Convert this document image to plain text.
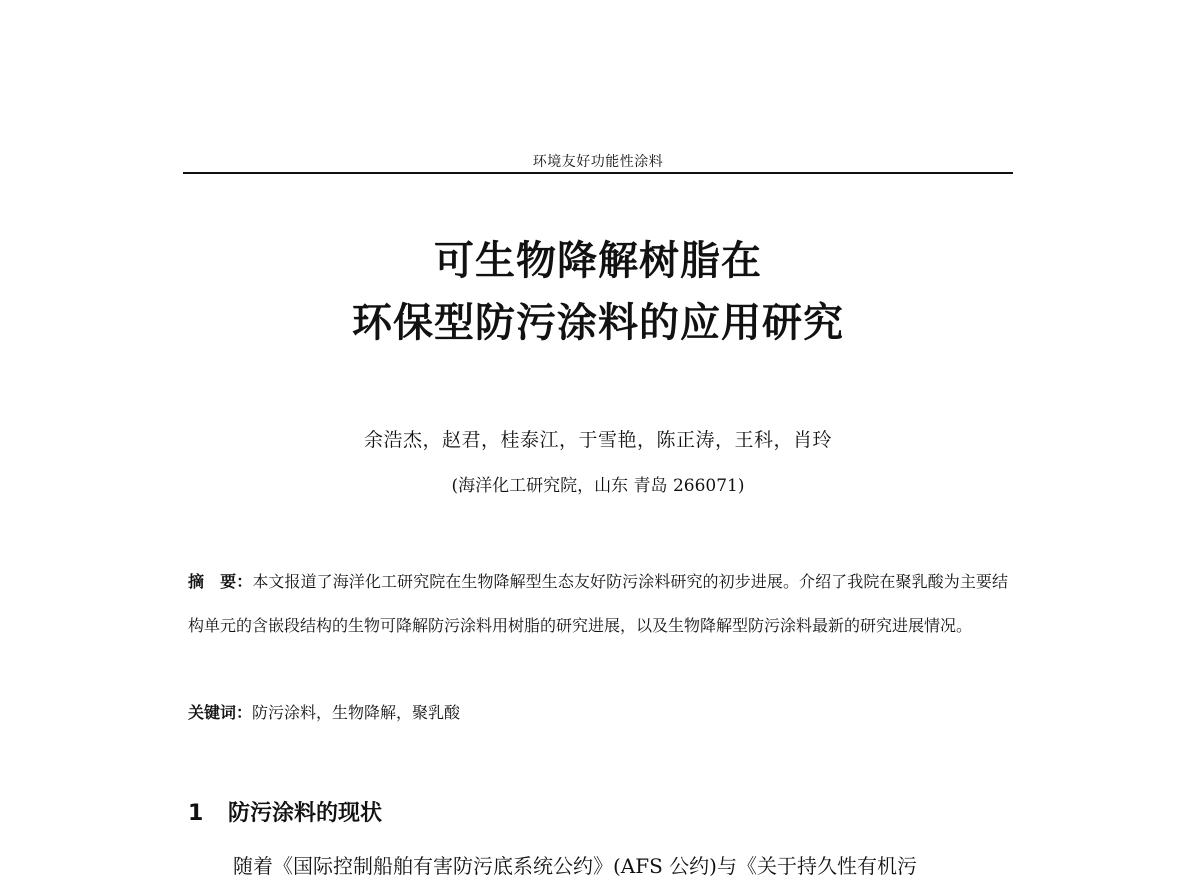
环境友好功能性涂料
可生物降解树脂在
环保型防污涂料的应用研究
余浩杰，赵君，桂泰江，于雪艳，陈正涛，王科，肖玲
(海洋化工研究院，山东 青岛 266071)
摘　要：本文报道了海洋化工研究院在生物降解型生态友好防污涂料研究的初步进展。介绍了我院在聚乳酸为主要结构单元的含嵌段结构的生物可降解防污涂料用树脂的研究进展，以及生物降解型防污涂料最新的研究进展情况。
关键词：防污涂料，生物降解，聚乳酸
1 防污涂料的现状
随着《国际控制船舶有害防污底系统公约》(AFS 公约)与《关于持久性有机污
